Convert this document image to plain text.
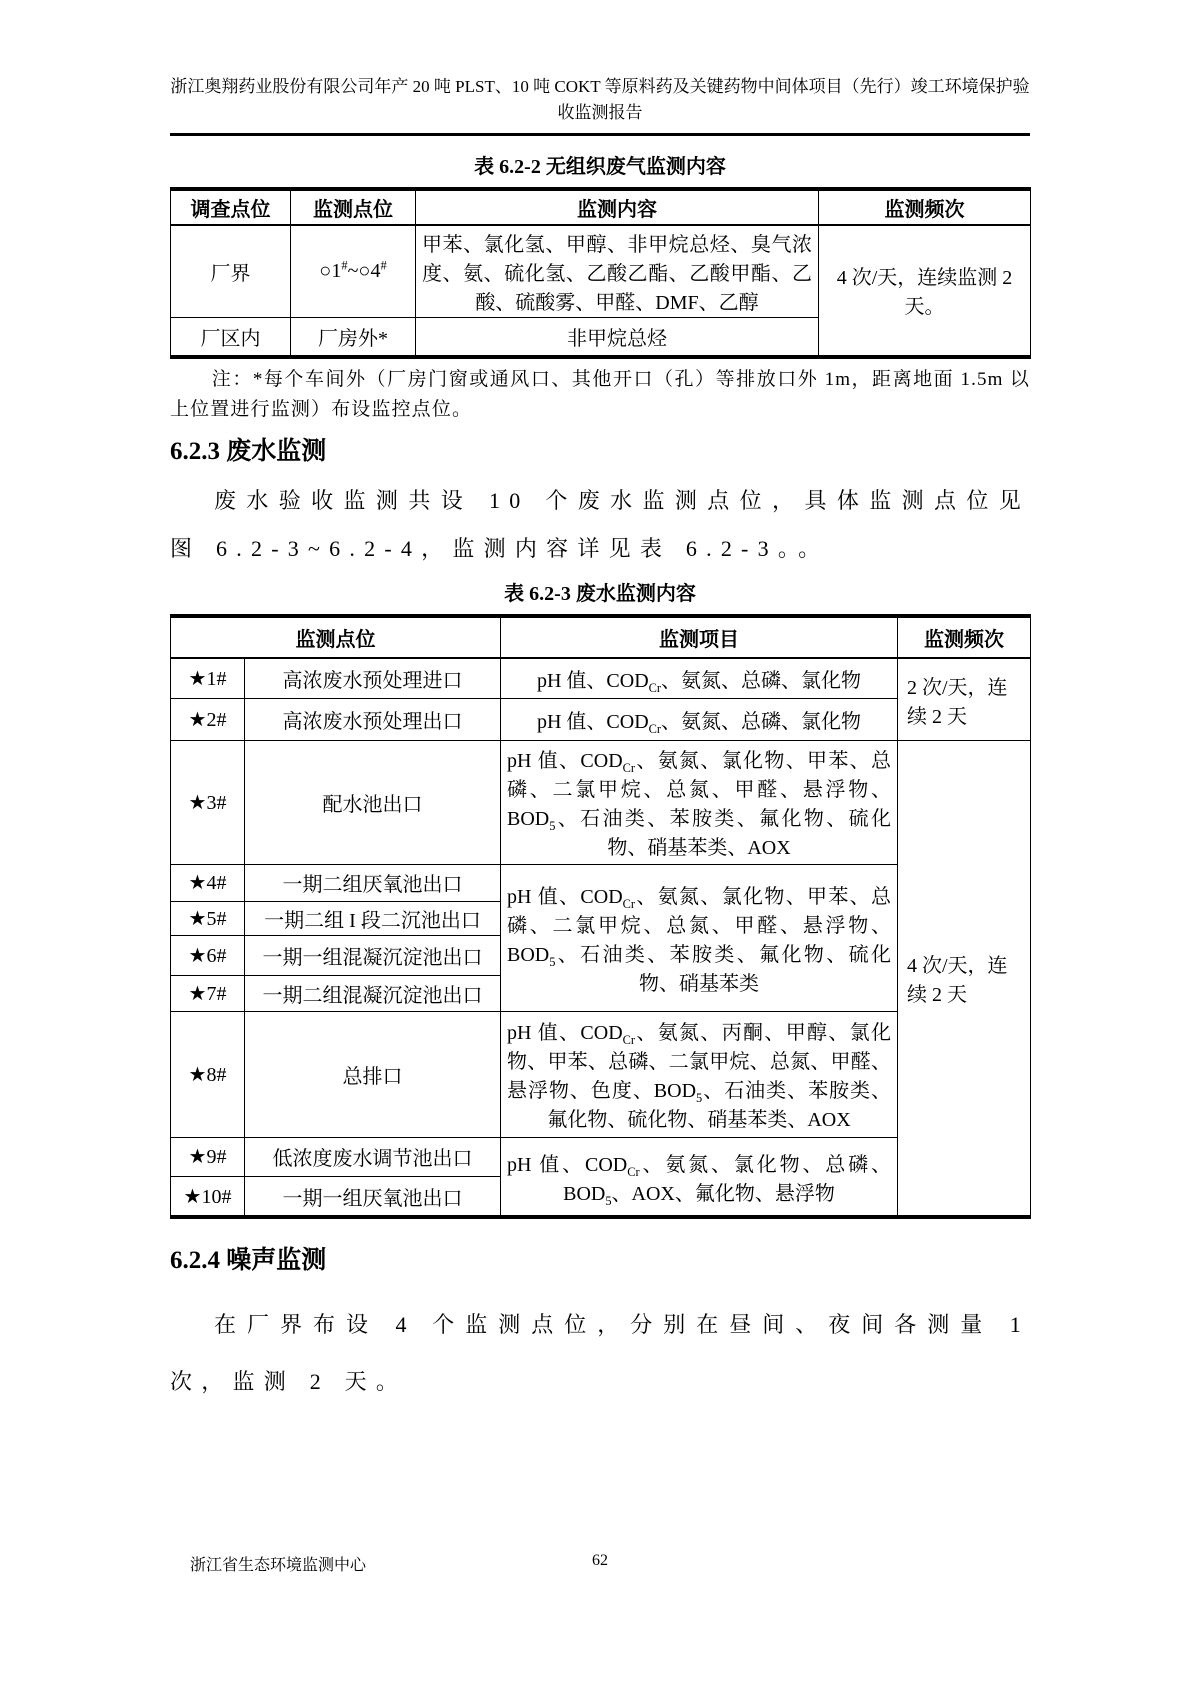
浙江奥翔药业股份有限公司年产 20 吨 PLST、10 吨 COKT 等原料药及关键药物中间体项目（先行）竣工环境保护验收监测报告
表 6.2-2 无组织废气监测内容
调查点位	监测点位	监测内容	监测频次
厂界	○1#~○4#	甲苯、氯化氢、甲醇、非甲烷总烃、臭气浓度、氨、硫化氢、乙酸乙酯、乙酸甲酯、乙酸、硫酸雾、甲醛、DMF、乙醇	4 次/天，连续监测 2 天。
厂区内	厂房外*	非甲烷总烃	
注：*每个车间外（厂房门窗或通风口、其他开口（孔）等排放口外 1m，距离地面 1.5m 以上位置进行监测）布设监控点位。
6.2.3 废水监测
废水验收监测共设 10 个废水监测点位，具体监测点位见图 6.2-3~6.2-4，监测内容详见表 6.2-3。。
表 6.2-3 废水监测内容
监测点位		监测项目	监测频次
★1#	高浓废水预处理进口	pH 值、$COD_{Cr}$、氨氮、总磷、氯化物	2 次/天，连续 2 天
★2#	高浓废水预处理出口	pH 值、$COD_{Cr}$、氨氮、总磷、氯化物	
★3#	配水池出口	pH 值、$COD_{Cr}$、氨氮、氯化物、甲苯、总磷、二氯甲烷、总氮、甲醛、悬浮物、$BOD_5$、石油类、苯胺类、氟化物、硫化物、硝基苯类、AOX	4 次/天，连续 2 天
★4#	一期二组厌氧池出口	pH 值、$COD_{Cr}$、氨氮、氯化物、甲苯、总磷、二氯甲烷、总氮、甲醛、悬浮物、$BOD_5$、石油类、苯胺类、氟化物、硫化物、硝基苯类	
★5#	一期二组 I 段二沉池出口		
★6#	一期一组混凝沉淀池出口		
★7#	一期二组混凝沉淀池出口		
★8#	总排口	pH 值、$COD_{Cr}$、氨氮、丙酮、甲醇、氯化物、甲苯、总磷、二氯甲烷、总氮、甲醛、悬浮物、色度、$BOD_5$、石油类、苯胺类、氟化物、硫化物、硝基苯类、AOX	
★9#	低浓度废水调节池出口	pH 值、$COD_{Cr}$、氨氮、氯化物、总磷、$BOD_5$、AOX、氟化物、悬浮物	
★10#	一期一组厌氧池出口		
6.2.4 噪声监测
在厂界布设 4 个监测点位，分别在昼间、夜间各测量 1 次，监测 2 天。
浙江省生态环境监测中心	62
